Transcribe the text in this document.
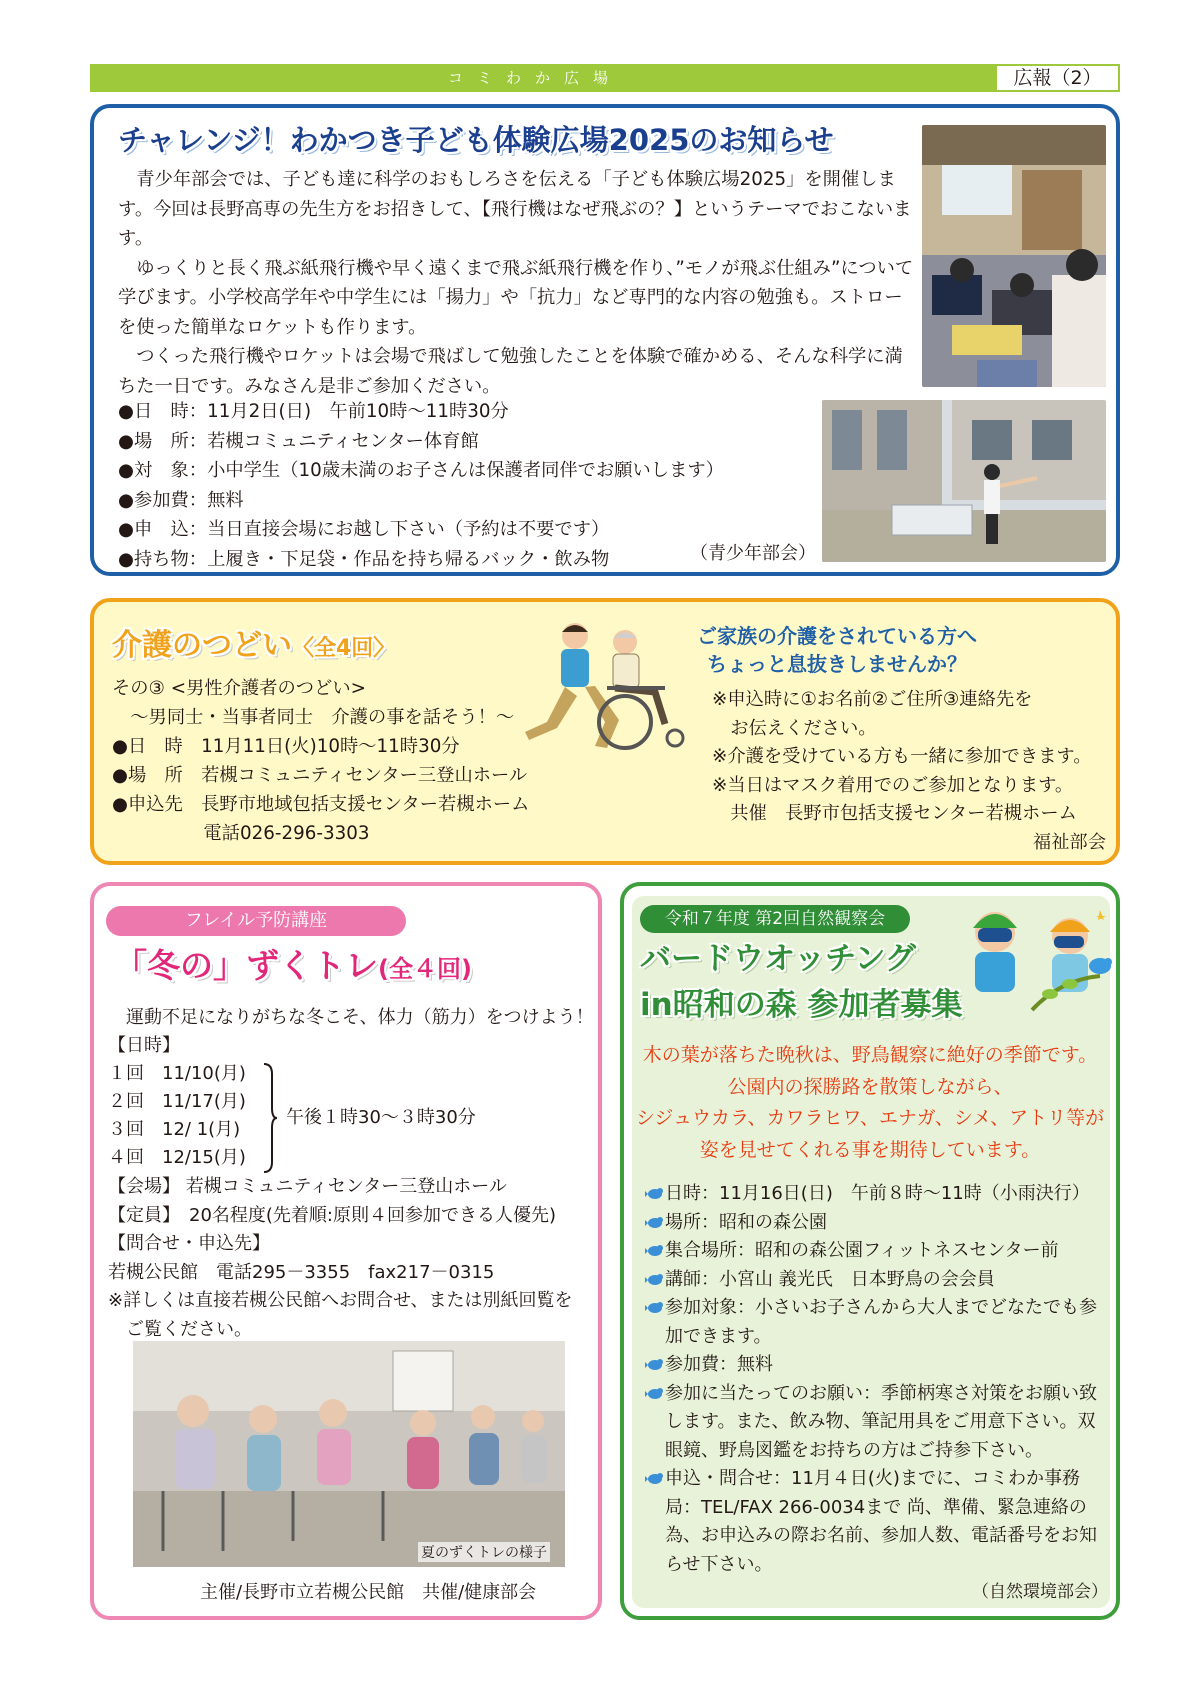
コミわか広場	広報（2）
チャレンジ！わかつき子ども体験広場2025のお知らせ

青少年部会では、子ども達に科学のおもしろさを伝える「子ども体験広場2025」を開催します。今回は長野高専の先生方をお招きして、【飛行機はなぜ飛ぶの？】というテーマでおこないます。

ゆっくりと長く飛ぶ紙飛行機や早く遠くまで飛ぶ紙飛行機を作り、”モノが飛ぶ仕組み”について学びます。小学校高学年や中学生には「揚力」や「抗力」など専門的な内容の勉強も。ストローを使った簡単なロケットも作ります。

つくった飛行機やロケットは会場で飛ばして勉強したことを体験で確かめる、そんな科学に満ちた一日です。みなさん是非ご参加ください。

●日　時：11月2日(日)　午前10時～11時30分
●場　所：若槻コミュニティセンター体育館
●対　象：小中学生（10歳未満のお子さんは保護者同伴でお願いします）
●参加費：無料
●申　込：当日直接会場にお越し下さい（予約は不要です）
●持ち物：上履き・下足袋・作品を持ち帰るバック・飲み物	（青少年部会）
介護のつどい〈全4回〉	ご家族の介護をされている方へ
ちょっと息抜きしませんか？
その③ <男性介護者のつどい>
　～男同士・当事者同士　介護の事を話そう！～
●日　時　11月11日(火)10時～11時30分
●場　所　若槻コミュニティセンター三登山ホール
●申込先　長野市地域包括支援センター若槻ホーム
　　　　　電話026-296-3303
※申込時に①お名前②ご住所③連絡先を
　お伝えください。
※介護を受けている方も一緒に参加できます。
※当日はマスク着用でのご参加となります。
　共催　長野市包括支援センター若槻ホーム
福祉部会
フレイル予防講座
「冬の」ずくトレ(全４回)
運動不足になりがちな冬こそ、体力（筋力）をつけよう！
【日時】
１回　11/10(月)
２回　11/17(月)
３回　12/ 1(月)
４回　12/15(月)
午後１時30～３時30分
【会場】 若槻コミュニティセンター三登山ホール
【定員】　20名程度(先着順:原則４回参加できる人優先)
【問合せ・申込先】
若槻公民館　電話295－3355　fax217－0315
※詳しくは直接若槻公民館へお問合せ、または別紙回覧を
　ご覧ください。
夏のずくトレの様子
主催/長野市立若槻公民館　共催/健康部会
令和７年度 第2回自然観察会
バードウオッチング
in昭和の森 参加者募集
木の葉が落ちた晩秋は、野鳥観察に絶好の季節です。
公園内の探勝路を散策しながら、
シジュウカラ、カワラヒワ、エナガ、シメ、アトリ等が
姿を見せてくれる事を期待しています。
日時：11月16日(日)　午前８時～11時（小雨決行）
場所：昭和の森公園
集合場所：昭和の森公園フィットネスセンター前
講師：小宮山 義光氏　日本野鳥の会会員
参加対象：小さいお子さんから大人までどなたでも参加できます。
参加費：無料
参加に当たってのお願い：季節柄寒さ対策をお願い致します。また、飲み物、筆記用具をご用意下さい。双眼鏡、野鳥図鑑をお持ちの方はご持参下さい。
申込・問合せ：11月４日(火)までに、コミわか事務局：TEL/FAX 266-0034まで 尚、準備、緊急連絡の為、お申込みの際お名前、参加人数、電話番号をお知らせ下さい。
（自然環境部会）
